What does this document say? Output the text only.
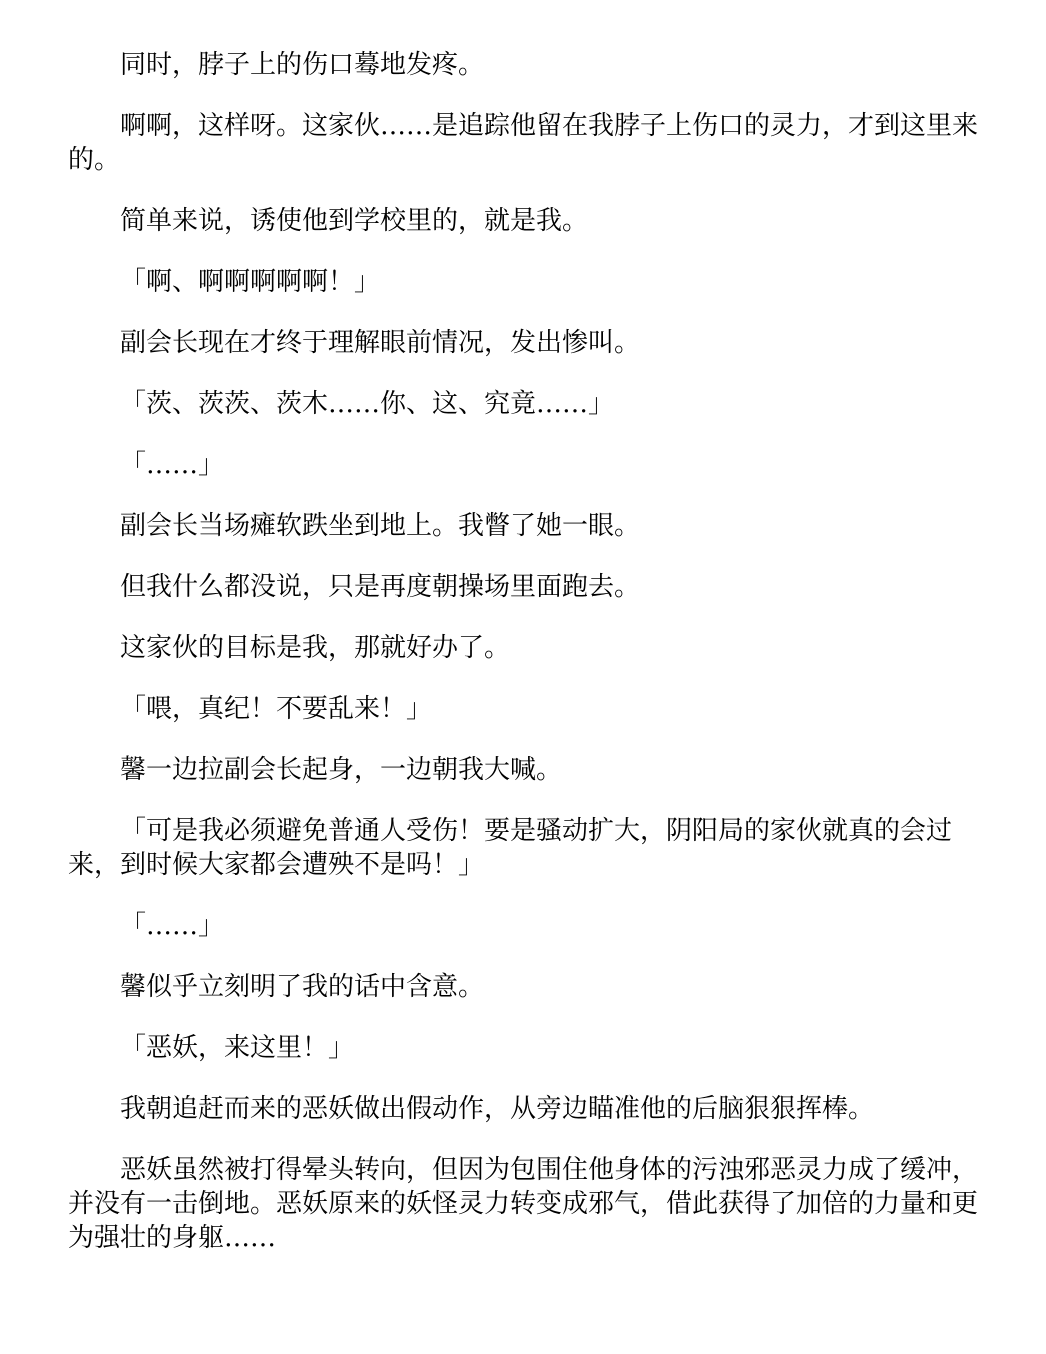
同时，脖子上的伤口蓦地发疼。

啊啊，这样呀。这家伙……是追踪他留在我脖子上伤口的灵力，才到这里来的。

简单来说，诱使他到学校里的，就是我。

「啊、啊啊啊啊啊！」

副会长现在才终于理解眼前情况，发出惨叫。

「茨、茨茨、茨木……你、这、究竟……」

「……」

副会长当场瘫软跌坐到地上。我瞥了她一眼。

但我什么都没说，只是再度朝操场里面跑去。

这家伙的目标是我，那就好办了。

「喂，真纪！不要乱来！」

馨一边拉副会长起身，一边朝我大喊。

「可是我必须避免普通人受伤！要是骚动扩大，阴阳局的家伙就真的会过来，到时候大家都会遭殃不是吗！」

「……」

馨似乎立刻明了我的话中含意。

「恶妖，来这里！」

我朝追赶而来的恶妖做出假动作，从旁边瞄准他的后脑狠狠挥棒。

恶妖虽然被打得晕头转向，但因为包围住他身体的污浊邪恶灵力成了缓冲，并没有一击倒地。恶妖原来的妖怪灵力转变成邪气，借此获得了加倍的力量和更为强壮的身躯……
